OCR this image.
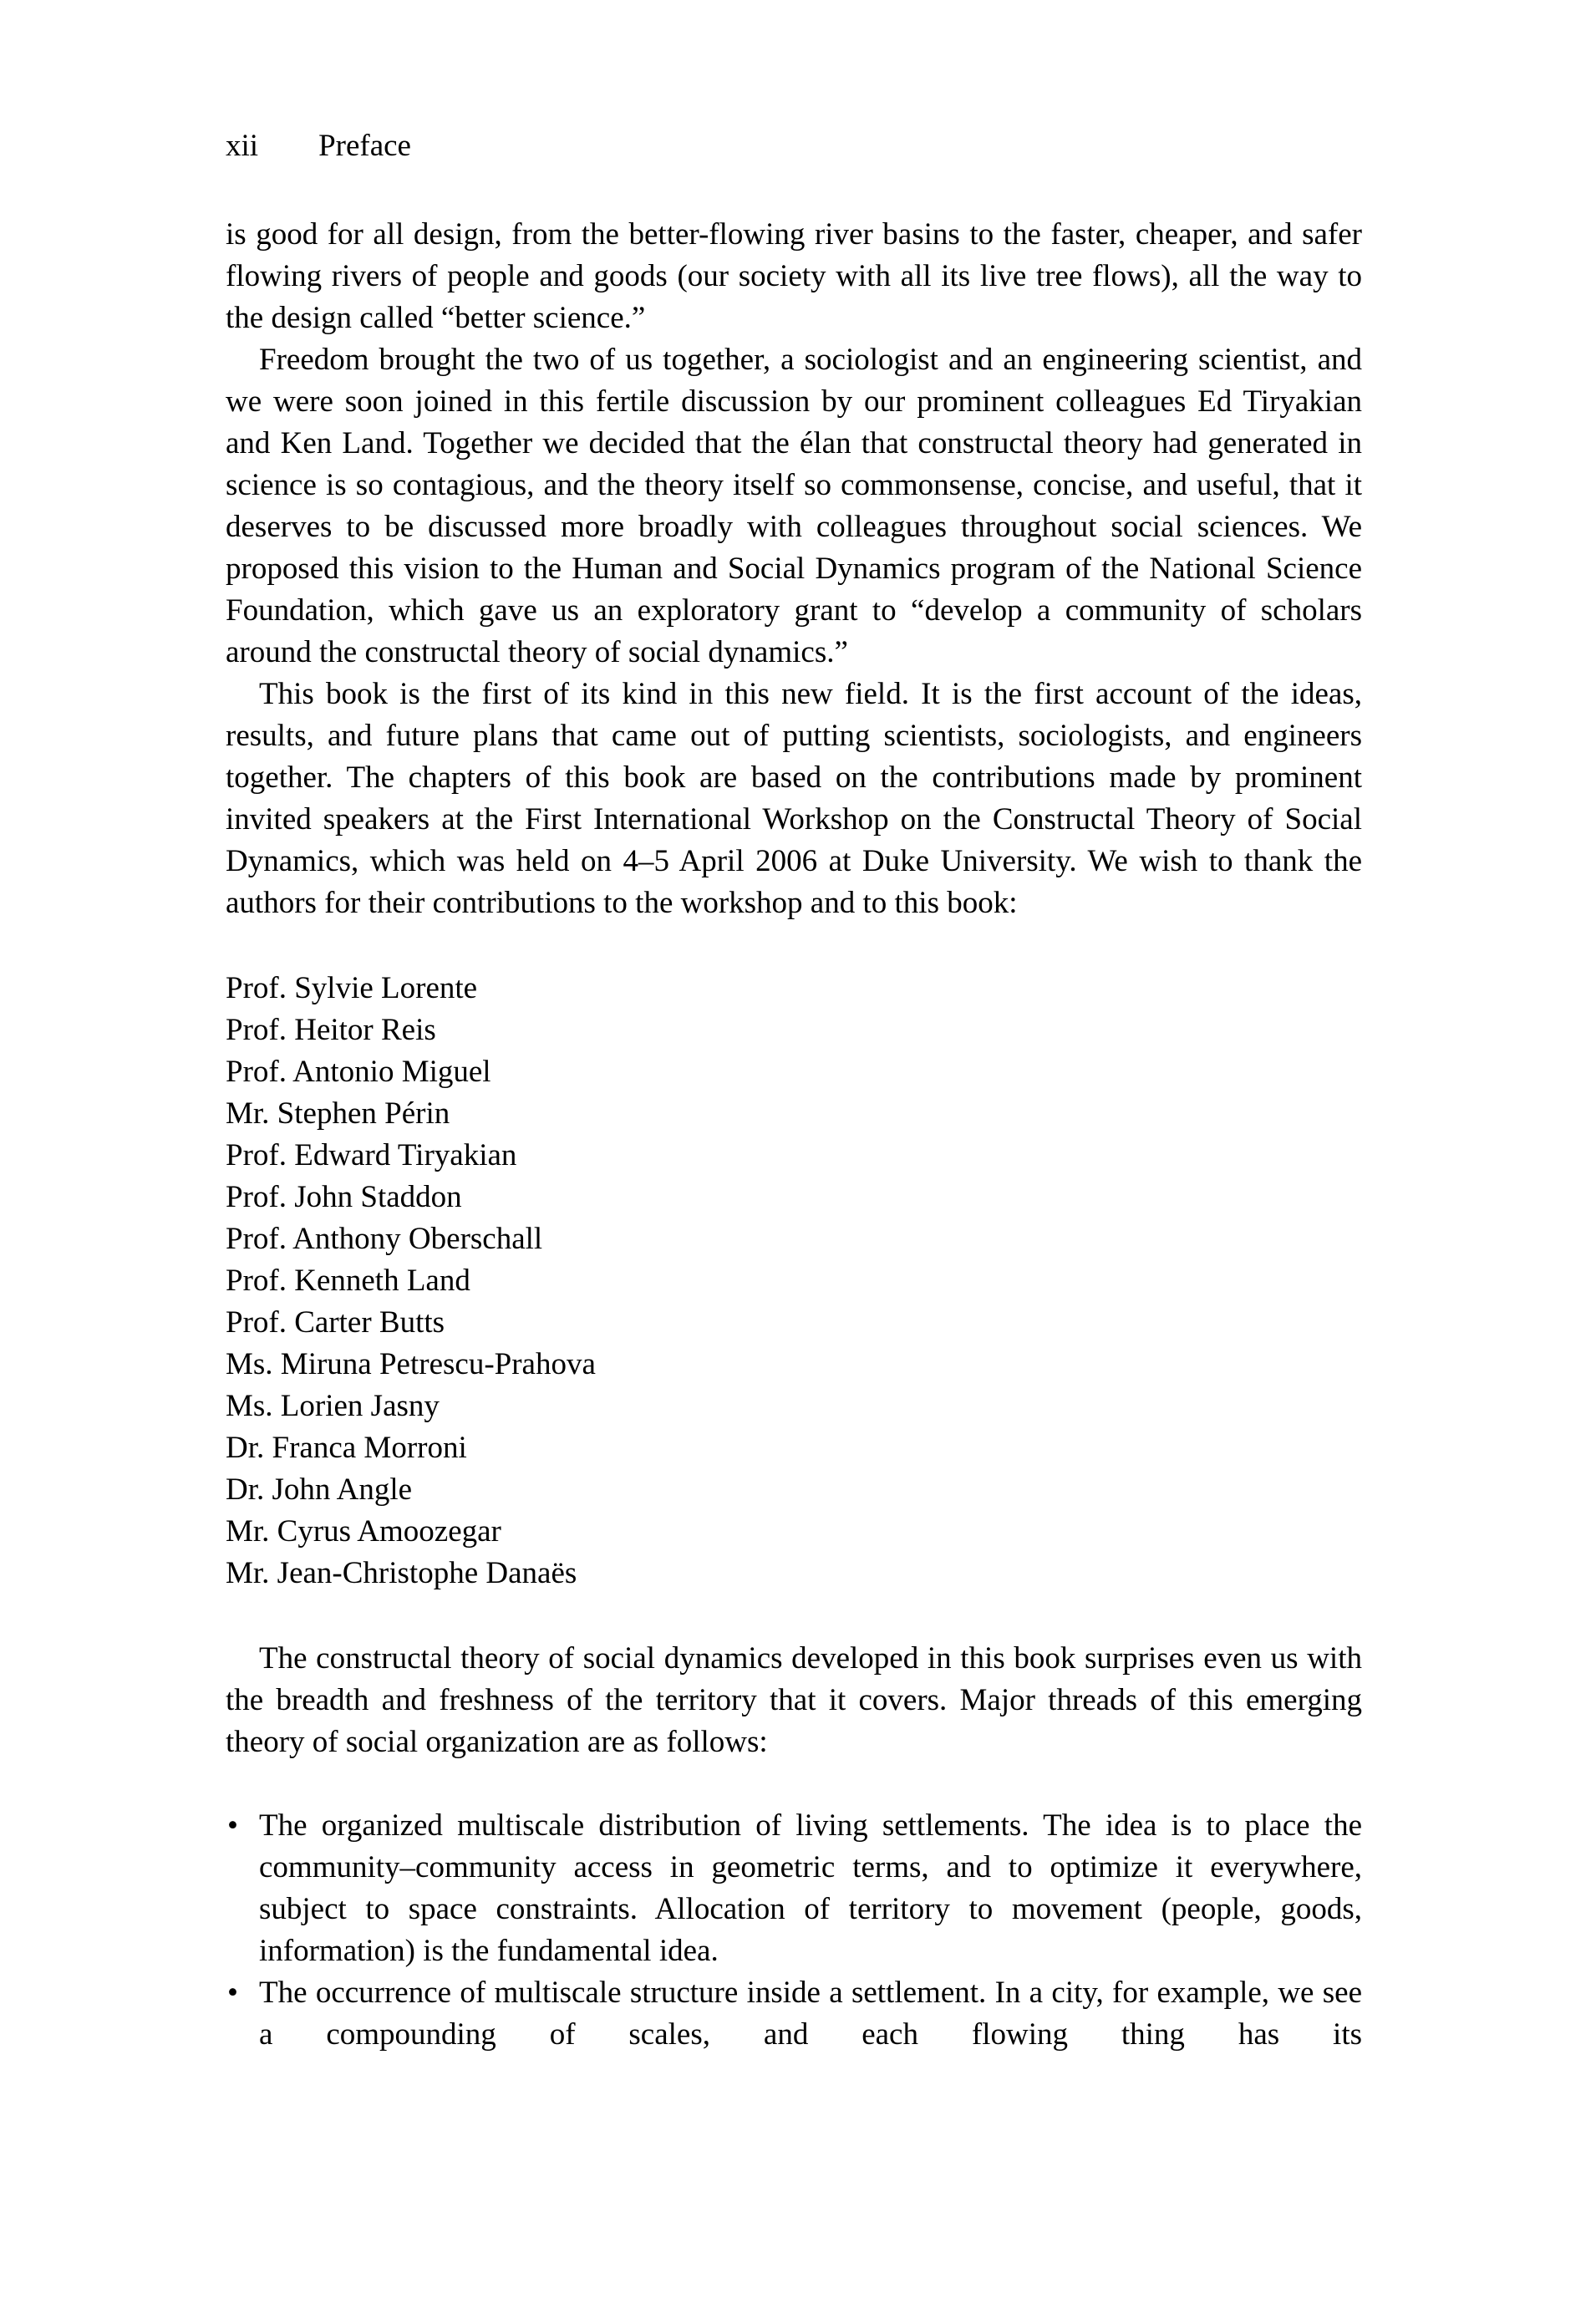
xii Preface

is good for all design, from the better-flowing river basins to the faster, cheaper, and safer flowing rivers of people and goods (our society with all its live tree flows), all the way to the design called “better science.”

Freedom brought the two of us together, a sociologist and an engineering scientist, and we were soon joined in this fertile discussion by our prominent colleagues Ed Tiryakian and Ken Land. Together we decided that the élan that constructal theory had generated in science is so contagious, and the theory itself so commonsense, concise, and useful, that it deserves to be discussed more broadly with colleagues throughout social sciences. We proposed this vision to the Human and Social Dynamics program of the National Science Foundation, which gave us an exploratory grant to “develop a community of scholars around the constructal theory of social dynamics.”

This book is the first of its kind in this new field. It is the first account of the ideas, results, and future plans that came out of putting scientists, sociologists, and engineers together. The chapters of this book are based on the contributions made by prominent invited speakers at the First International Workshop on the Constructal Theory of Social Dynamics, which was held on 4–5 April 2006 at Duke University. We wish to thank the authors for their contributions to the workshop and to this book:

Prof. Sylvie Lorente
Prof. Heitor Reis
Prof. Antonio Miguel
Mr. Stephen Périn
Prof. Edward Tiryakian
Prof. John Staddon
Prof. Anthony Oberschall
Prof. Kenneth Land
Prof. Carter Butts
Ms. Miruna Petrescu-Prahova
Ms. Lorien Jasny
Dr. Franca Morroni
Dr. John Angle
Mr. Cyrus Amoozegar
Mr. Jean-Christophe Danaës

The constructal theory of social dynamics developed in this book surprises even us with the breadth and freshness of the territory that it covers. Major threads of this emerging theory of social organization are as follows:

• The organized multiscale distribution of living settlements. The idea is to place the community–community access in geometric terms, and to optimize it everywhere, subject to space constraints. Allocation of territory to movement (people, goods, information) is the fundamental idea.
• The occurrence of multiscale structure inside a settlement. In a city, for example, we see a compounding of scales, and each flowing thing has its
